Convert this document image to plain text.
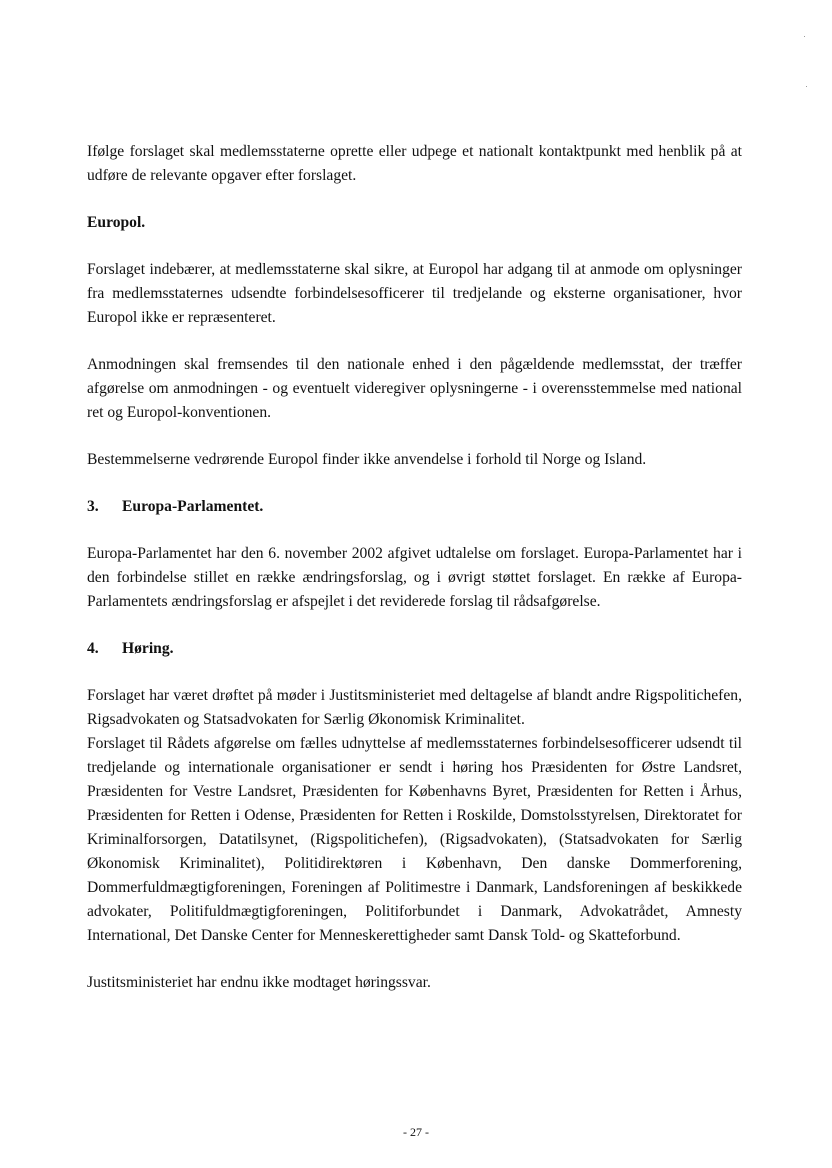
Ifølge forslaget skal medlemsstaterne oprette eller udpege et nationalt kontaktpunkt med henblik på at udføre de relevante opgaver efter forslaget.

Europol.

Forslaget indebærer, at medlemsstaterne skal sikre, at Europol har adgang til at anmode om oplysninger fra medlemsstaternes udsendte forbindelsesofficerer til tredjelande og eksterne organisationer, hvor Europol ikke er repræsenteret.

Anmodningen skal fremsendes til den nationale enhed i den pågældende medlemsstat, der træffer afgørelse om anmodningen - og eventuelt videregiver oplysningerne - i overensstemmelse med national ret og Europol-konventionen.

Bestemmelserne vedrørende Europol finder ikke anvendelse i forhold til Norge og Island.

3. Europa-Parlamentet.

Europa-Parlamentet har den 6. november 2002 afgivet udtalelse om forslaget. Europa-Parlamentet har i den forbindelse stillet en række ændringsforslag, og i øvrigt støttet forslaget. En række af Europa-Parlamentets ændringsforslag er afspejlet i det reviderede forslag til rådsafgørelse.

4. Høring.

Forslaget har været drøftet på møder i Justitsministeriet med deltagelse af blandt andre Rigspolitichefen, Rigsadvokaten og Statsadvokaten for Særlig Økonomisk Kriminalitet.

Forslaget til Rådets afgørelse om fælles udnyttelse af medlemsstaternes forbindelsesofficerer udsendt til tredjelande og internationale organisationer er sendt i høring hos Præsidenten for Østre Landsret, Præsidenten for Vestre Landsret, Præsidenten for Københavns Byret, Præsidenten for Retten i Århus, Præsidenten for Retten i Odense, Præsidenten for Retten i Roskilde, Domstolsstyrelsen, Direktoratet for Kriminalforsorgen, Datatilsynet, (Rigspolitichefen), (Rigsadvokaten), (Statsadvokaten for Særlig Økonomisk Kriminalitet), Politidirektøren i København, Den danske Dommerforening, Dommerfuldmægtigforeningen, Foreningen af Politimestre i Danmark, Landsforeningen af beskikkede advokater, Politifuldmægtigforeningen, Politiforbundet i Danmark, Advokatrådet, Amnesty International, Det Danske Center for Menneskerettigheder samt Dansk Told- og Skatteforbund.

Justitsministeriet har endnu ikke modtaget høringssvar.

- 27 -
